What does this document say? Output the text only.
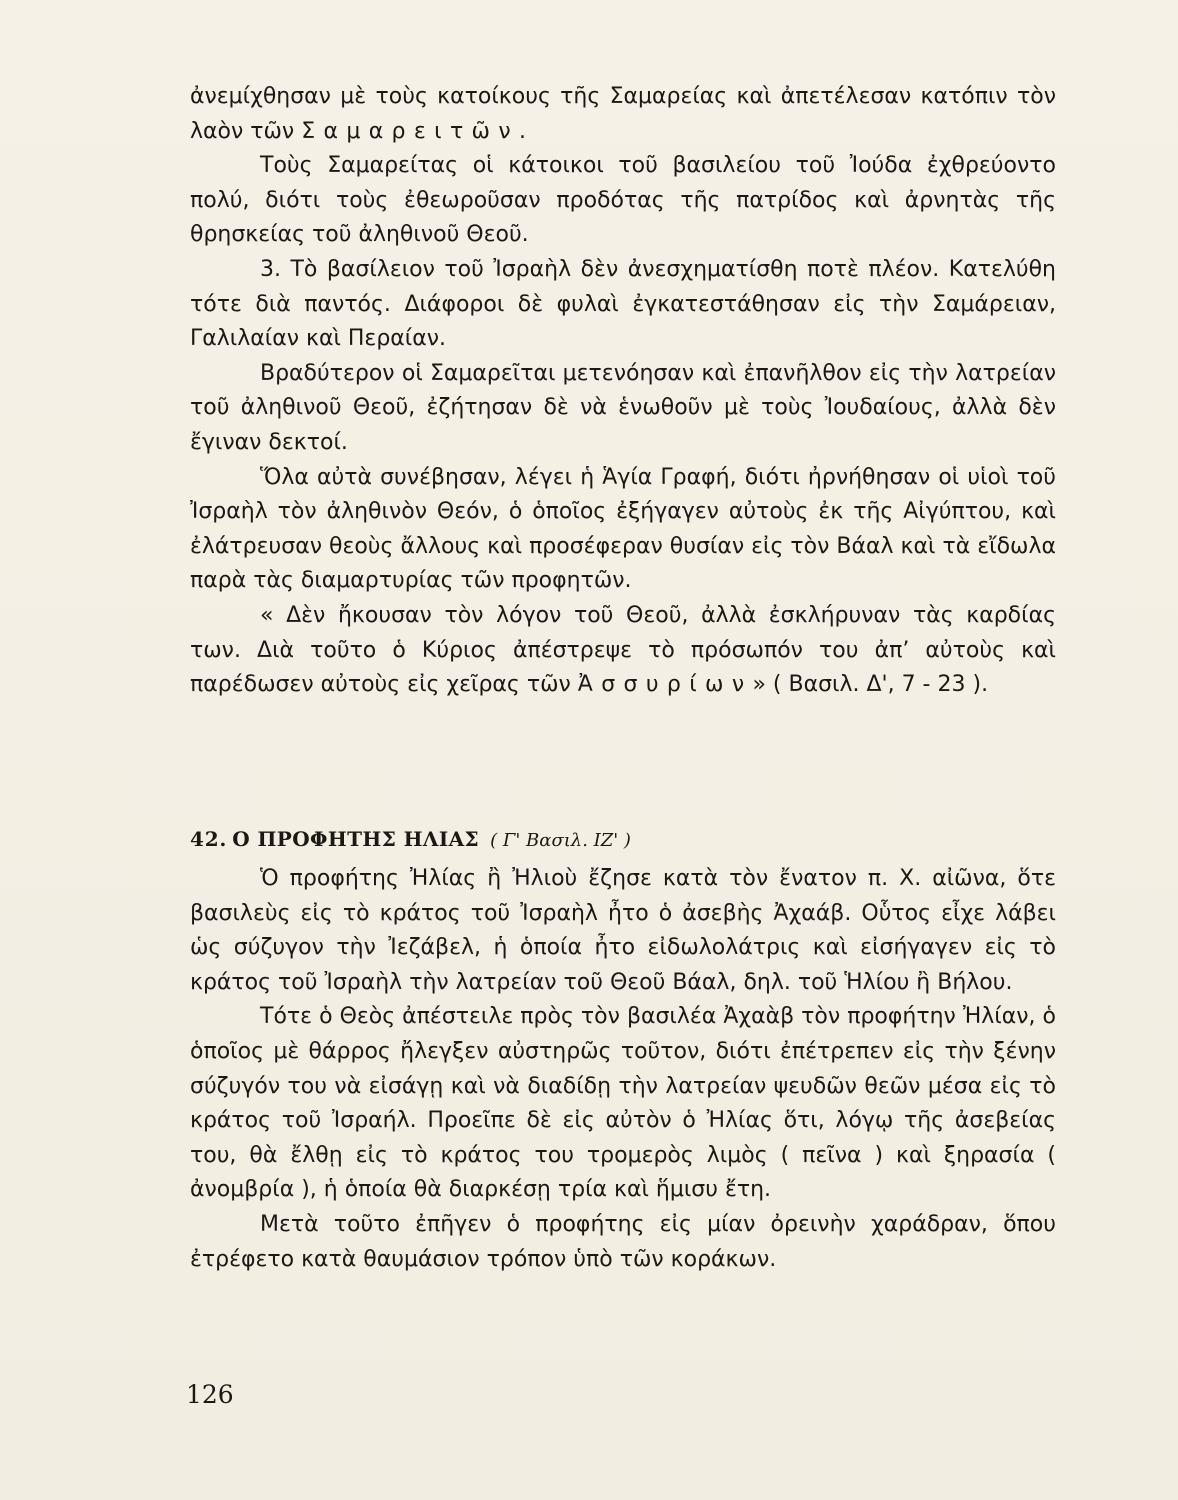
ἀνεμίχθησαν μὲ τοὺς κατοίκους τῆς Σαμαρείας καὶ ἀπετέλεσαν κατόπιν τὸν λαὸν τῶν Σαμαρειτῶν.

Τοὺς Σαμαρείτας οἱ κάτοικοι τοῦ βασιλείου τοῦ Ἰούδα ἐχθρεύοντο πολύ, διότι τοὺς ἐθεωροῦσαν προδότας τῆς πατρίδος καὶ ἀρνητὰς τῆς θρησκείας τοῦ ἀληθινοῦ Θεοῦ.

3. Τὸ βασίλειον τοῦ Ἰσραὴλ δὲν ἀνεσχηματίσθη ποτὲ πλέον. Κατελύθη τότε διὰ παντός. Διάφοροι δὲ φυλαὶ ἐγκατεστάθησαν εἰς τὴν Σαμάρειαν, Γαλιλαίαν καὶ Περαίαν.

Βραδύτερον οἱ Σαμαρεῖται μετενόησαν καὶ ἐπανῆλθον εἰς τὴν λατρείαν τοῦ ἀληθινοῦ Θεοῦ, ἐζήτησαν δὲ νὰ ἑνωθοῦν μὲ τοὺς Ἰουδαίους, ἀλλὰ δὲν ἔγιναν δεκτοί.

Ὅλα αὐτὰ συνέβησαν, λέγει ἡ Ἁγία Γραφή, διότι ἠρνήθησαν οἱ υἱοὶ τοῦ Ἰσραὴλ τὸν ἀληθινὸν Θεόν, ὁ ὁποῖος ἐξήγαγεν αὐτοὺς ἐκ τῆς Αἰγύπτου, καὶ ἐλάτρευσαν θεοὺς ἄλλους καὶ προσέφεραν θυσίαν εἰς τὸν Βάαλ καὶ τὰ εἴδωλα παρὰ τὰς διαμαρτυρίας τῶν προφητῶν.

« Δὲν ἤκουσαν τὸν λόγον τοῦ Θεοῦ, ἀλλὰ ἐσκλήρυναν τὰς καρδίας των. Διὰ τοῦτο ὁ Κύριος ἀπέστρεψε τὸ πρόσωπόν του ἀπ’ αὐτοὺς καὶ παρέδωσεν αὐτοὺς εἰς χεῖρας τῶν Ἀσσυρίων» ( Βασιλ. Δ', 7 - 23 ).

42. Ο ΠΡΟΦΗΤΗΣ ΗΛΙΑΣ ( Γ' Βασιλ. ΙΖ' )

Ὁ προφήτης Ἠλίας ἢ Ἠλιοὺ ἔζησε κατὰ τὸν ἔνατον π. Χ. αἰῶνα, ὅτε βασιλεὺς εἰς τὸ κράτος τοῦ Ἰσραὴλ ἦτο ὁ ἀσεβὴς Ἀχαάβ. Οὗτος εἶχε λάβει ὡς σύζυγον τὴν Ἰεζάβελ, ἡ ὁποία ἦτο εἰδωλολάτρις καὶ εἰσήγαγεν εἰς τὸ κράτος τοῦ Ἰσραὴλ τὴν λατρείαν τοῦ Θεοῦ Βάαλ, δηλ. τοῦ Ἡλίου ἢ Βήλου.

Τότε ὁ Θεὸς ἀπέστειλε πρὸς τὸν βασιλέα Ἀχαὰβ τὸν προφήτην Ἠλίαν, ὁ ὁποῖος μὲ θάρρος ἤλεγξεν αὐστηρῶς τοῦτον, διότι ἐπέτρεπεν εἰς τὴν ξένην σύζυγόν του νὰ εἰσάγῃ καὶ νὰ διαδίδῃ τὴν λατρείαν ψευδῶν θεῶν μέσα εἰς τὸ κράτος τοῦ Ἰσραήλ. Προεῖπε δὲ εἰς αὐτὸν ὁ Ἠλίας ὅτι, λόγῳ τῆς ἀσεβείας του, θὰ ἔλθῃ εἰς τὸ κράτος του τρομερὸς λιμὸς ( πεῖνα ) καὶ ξηρασία ( ἀνομβρία ), ἡ ὁποία θὰ διαρκέσῃ τρία καὶ ἥμισυ ἔτη.

Μετὰ τοῦτο ἐπῆγεν ὁ προφήτης εἰς μίαν ὀρεινὴν χαράδραν, ὅπου ἐτρέφετο κατὰ θαυμάσιον τρόπον ὑπὸ τῶν κοράκων.

126
